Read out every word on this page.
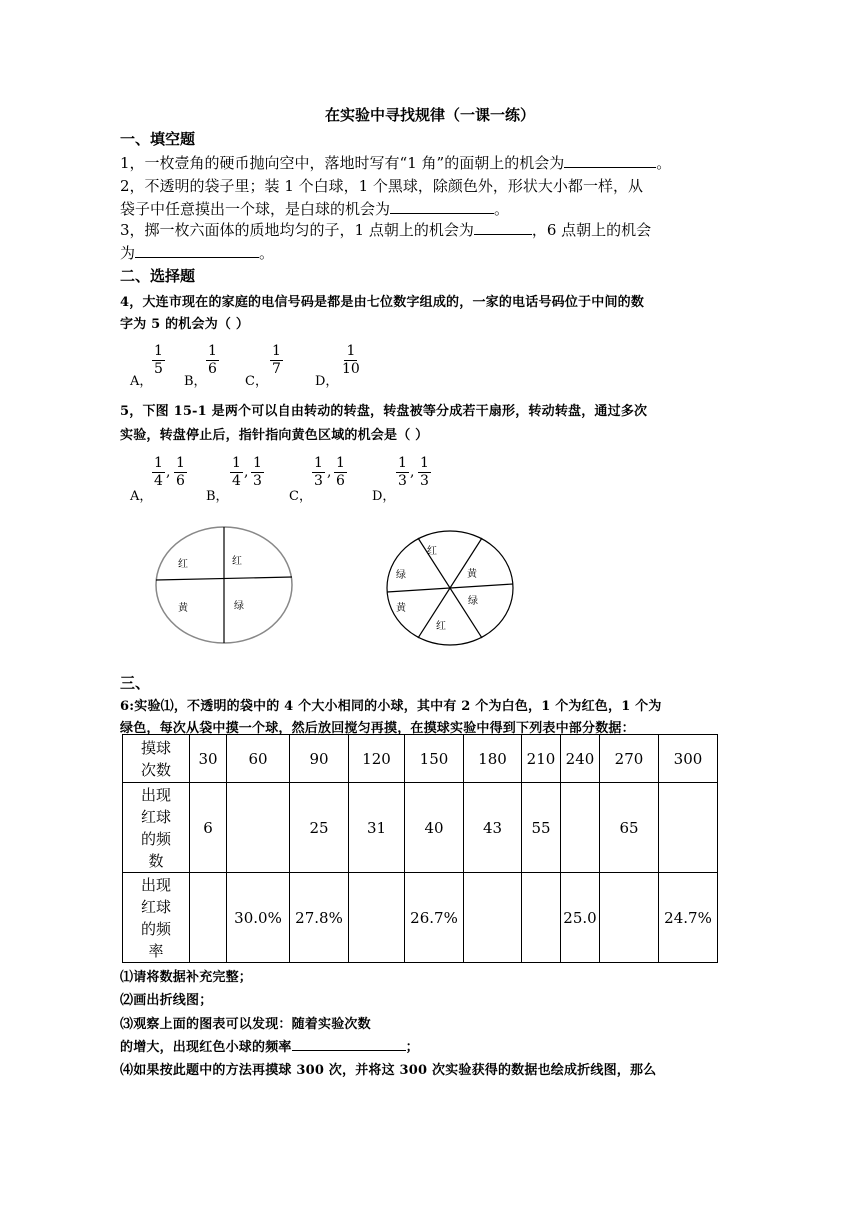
在实验中寻找规律（一课一练）
一、填空题
1，一枚壹角的硬币抛向空中，落地时写有“1 角”的面朝上的机会为	。
2，不透明的袋子里；装 1 个白球，1 个黑球，除颜色外，形状大小都一样，从
袋子中任意摸出一个球，是白球的机会为	。
3，掷一枚六面体的质地均匀的子，1 点朝上的机会为	，6 点朝上的机会
为	。
二、选择题
4，大连市现在的家庭的电信号码是都是由七位数字组成的，一家的电话号码位于中间的数
字为 5 的机会为（ ）
A，
$\frac{1}{5}$
B，
$\frac{1}{6}$
C，
$\frac{1}{7}$
D，
$\frac{1}{10}$
5，下图 15-1 是两个可以自由转动的转盘，转盘被等分成若干扇形，转动转盘，通过多次
实验，转盘停止后，指针指向黄色区域的机会是（ ）
A，
$\frac{1}{4}$ , $\frac{1}{6}$
B，
$\frac{1}{4}$ , $\frac{1}{3}$
C，
$\frac{1}{3}$ , $\frac{1}{6}$
D，
$\frac{1}{3}$ , $\frac{1}{3}$
红	红
黄	绿
红
黄
绿
红
黄
绿
三、
6:实验⑴，不透明的袋中的 4 个大小相同的小球，其中有 2 个为白色，1 个为红色，1 个为
绿色，每次从袋中摸一个球，然后放回搅匀再摸，在摸球实验中得到下列表中部分数据：
摸球
次数	30	60	90	120	150	180	210	240	270	300
出现
红球
的频
数	6		25	31	40	43	55		65	
出现
红球
的频
率		30.0%	27.8%		26.7%			25.0		24.7%
⑴请将数据补充完整；
⑵画出折线图；
⑶观察上面的图表可以发现：随着实验次数
的增大，出现红色小球的频率	；
⑷如果按此题中的方法再摸球 300 次，并将这 300 次实验获得的数据也绘成折线图，那么
